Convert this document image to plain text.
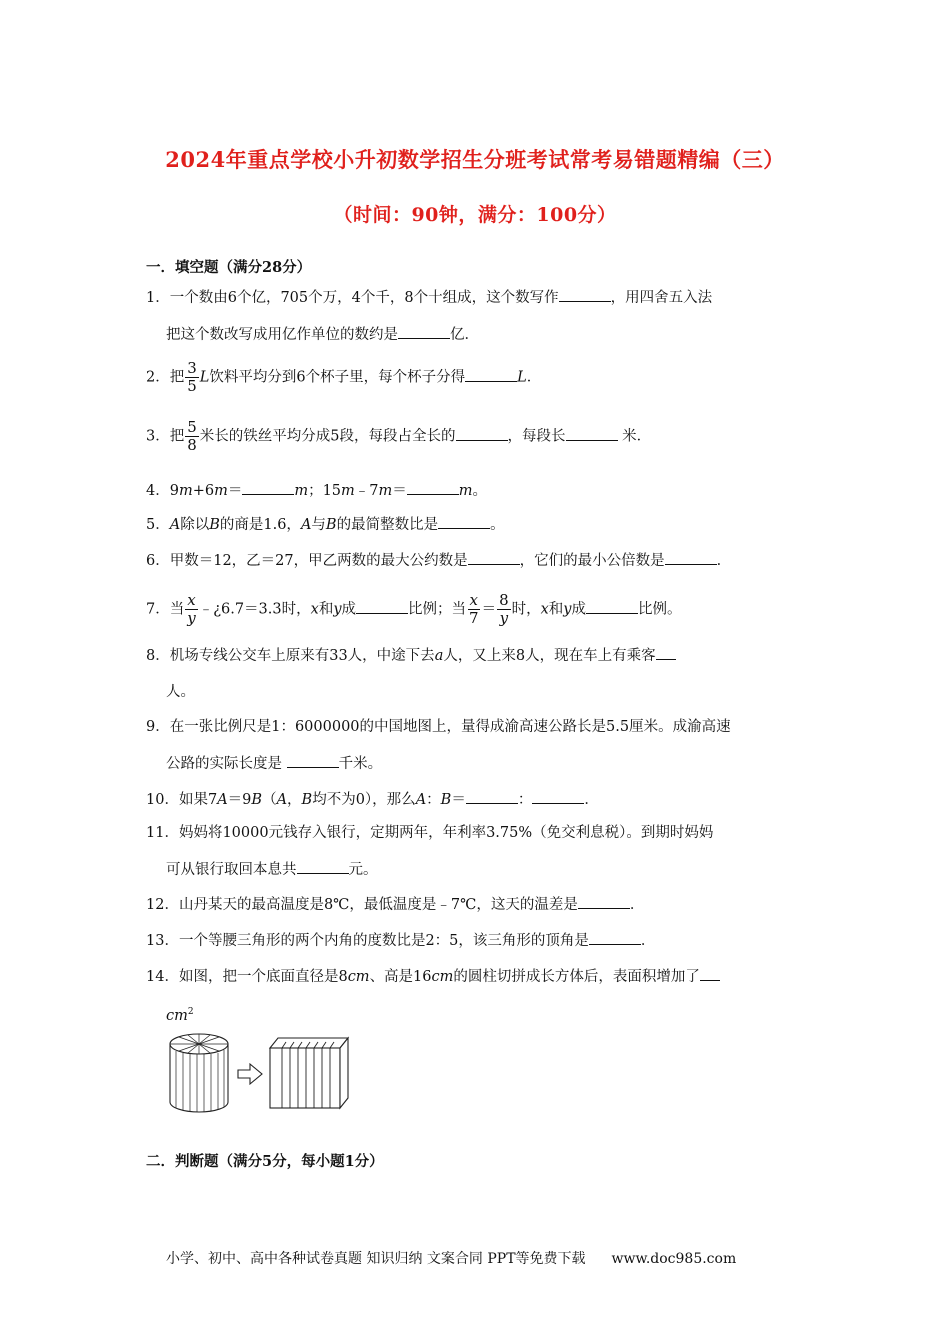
2024年重点学校小升初数学招生分班考试常考易错题精编（三）
（时间：90钟，满分：100分）
一．填空题（满分28分）
1．一个数由6个亿，705个万，4个千，8个十组成，这个数写作	，用四舍五入法
把这个数改写成用亿作单位的数约是	亿．
2．把 $\frac{3}{5}$ L饮料平均分到6个杯子里，每个杯子分得	L．
3．把 $\frac{5}{8}$ 米长的铁丝平均分成5段，每段占全长的	，每段长	米．
4．9m+6m＝	m；15m﹣7m＝	m。
5．A除以B的商是1.6，A与B的最简整数比是	。
6．甲数＝12，乙＝27，甲乙两数的最大公约数是	，它们的最小公倍数是	．
7．当 $\frac{x}{y}$ ﹣¿6.7＝3.3时，x和y成	比例；当 $\frac{x}{7} = \frac{8}{y}$ 时，x和y成	比例。
8．机场专线公交车上原来有33人，中途下去a人，又上来8人，现在车上有乘客
人。
9．在一张比例尺是1：6000000的中国地图上，量得成渝高速公路长是5.5厘米。成渝高速
公路的实际长度是	千米。
10．如果7A＝9B（A，B均不为0），那么A：B＝	：	．
11．妈妈将10000元钱存入银行，定期两年，年利率3.75%（免交利息税）。到期时妈妈
可从银行取回本息共	元。
12．山丹某天的最高温度是8℃，最低温度是﹣7℃，这天的温差是	．
13．一个等腰三角形的两个内角的度数比是2：5，该三角形的顶角是	．
14．如图，把一个底面直径是8cm、高是16cm的圆柱切拼成长方体后，表面积增加了
$cm^2$
二．判断题（满分5分，每小题1分）
小学、初中、高中各种试卷真题 知识归纳 文案合同 PPT等免费下载 www.doc985.com
